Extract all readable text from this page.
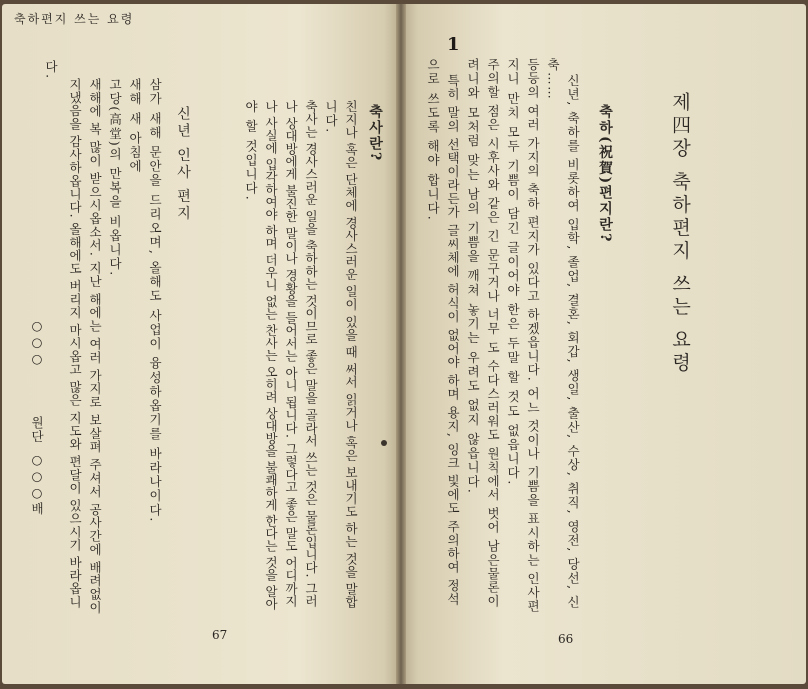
축하편지 쓰는 요령
축사란?
친지나 혹은 단체에 경사스러운 일이 있을 때 써서 읽거나 혹은 보내기도 하는 것을 말합
니다.
축사는 경사스러운 일을 축하하는 것이므로 좋은 말을 골라서 쓰는 것은 물론입니다. 그러
나 상대방에게 불진한 말이나 경황을 들어서는 아니 됩니다. 그렇다고 좋은 말도 어디까지
나 사실에 입각하여야 하며 더우니 없는 찬사는 오히려 상대방을 불쾌하게 한다는 것을 알아
야 할 것입니다.
신년 인사 편지
삼가 새해 문안을 드리오며, 올해도 사업이 융성하옵기를 바라나이다.
새해 새 아침에
고당(高堂)의 만복을 비옵니다.
새해에 복 많이 받으시옵소서. 지난 해에는 여러 가지로 보살펴 주셔서 공사간에 배려없이
지냈음을 감사하옵니다. 올해에도 버리지 마시옵고 많은 지도와 편달이 있으시기 바라옵니
다.
○○○
원단
○○○배
67
제四장 축하편지 쓰는 요령
축하(祝賀)편지란?
1
신년, 축하를 비롯하여 입학, 졸업, 결혼, 회갑, 생일, 출산, 수상, 취직, 영전, 당선, 신
축……
등등의 여러 가지의 축하 편지가 있다고 하겠읍니다. 어느 것이나 기쁨을 표시하는 인사편
지니 만치 모두 기쁨이 담긴 글이어야 한은 두말 할 것도 없읍니다.
주의할 점은 시후사와 같은 긴 문구거나 너무 도 수다스러워도 원칙에서 벗어 남은물론이
려니와 모처럼 맞는 남의 기쁨을 깨쳐 놓기는 우려도 없지 않읍니다.
특히 말의 선택이라든가 글씨체에 허식이 없어야 하며 용지, 잉크 빛에도 주의하여 정석
으로 쓰도록 해야 합니다.
66
